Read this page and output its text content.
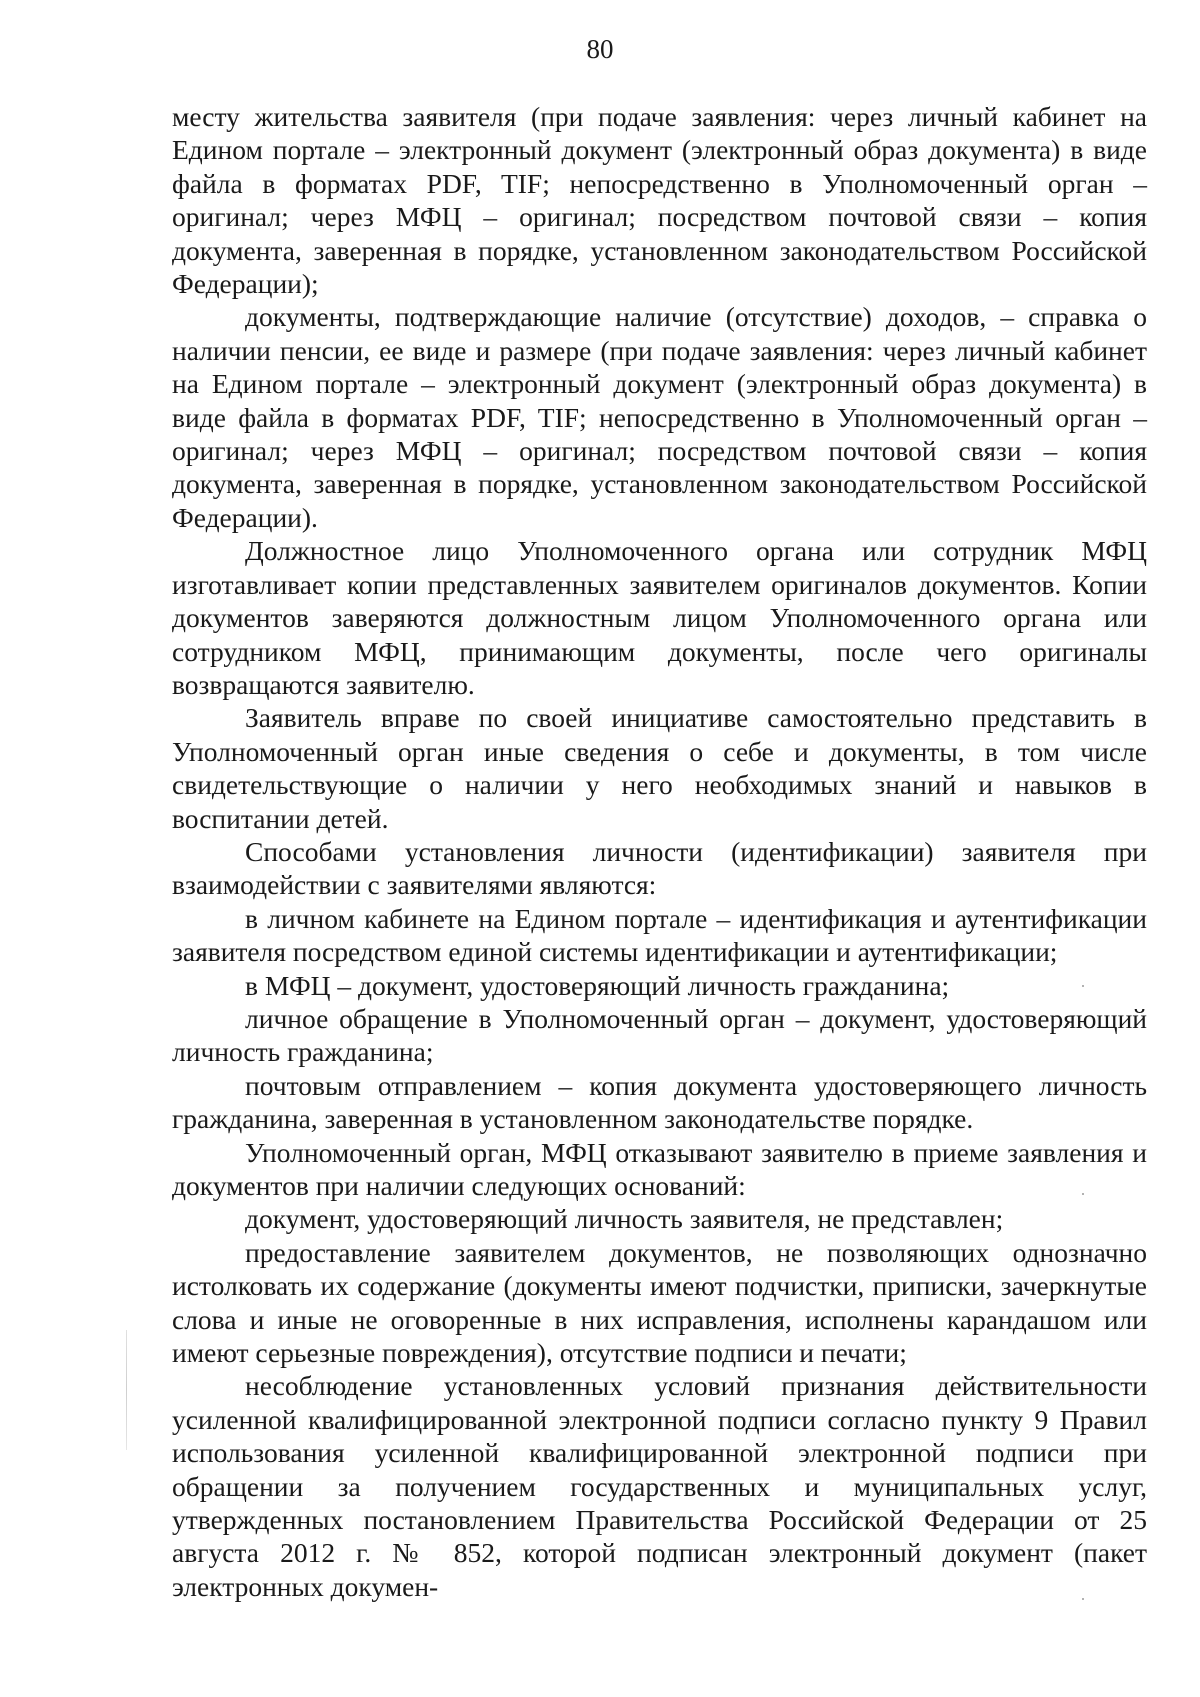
80

месту жительства заявителя (при подаче заявления: через личный кабинет на Едином портале – электронный документ (электронный образ документа) в виде файла в форматах PDF, TIF; непосредственно в Уполномоченный орган – оригинал; через МФЦ – оригинал; посредством почтовой связи – копия документа, заверенная в порядке, установленном законодательством Российской Федерации);

документы, подтверждающие наличие (отсутствие) доходов, – справка о наличии пенсии, ее виде и размере (при подаче заявления: через личный кабинет на Едином портале – электронный документ (электронный образ документа) в виде файла в форматах PDF, TIF; непосредственно в Уполномоченный орган – оригинал; через МФЦ – оригинал; посредством почтовой связи – копия документа, заверенная в порядке, установленном законодательством Российской Федерации).

Должностное лицо Уполномоченного органа или сотрудник МФЦ изготавливает копии представленных заявителем оригиналов документов. Копии документов заверяются должностным лицом Уполномоченного органа или сотрудником МФЦ, принимающим документы, после чего оригиналы возвращаются заявителю.

Заявитель вправе по своей инициативе самостоятельно представить в Уполномоченный орган иные сведения о себе и документы, в том числе свидетельствующие о наличии у него необходимых знаний и навыков в воспитании детей.

Способами установления личности (идентификации) заявителя при взаимодействии с заявителями являются:

в личном кабинете на Едином портале – идентификация и аутентификации заявителя посредством единой системы идентификации и аутентификации;

в МФЦ – документ, удостоверяющий личность гражданина;

личное обращение в Уполномоченный орган – документ, удостоверяющий личность гражданина;

почтовым отправлением – копия документа удостоверяющего личность гражданина, заверенная в установленном законодательстве порядке.

Уполномоченный орган, МФЦ отказывают заявителю в приеме заявления и документов при наличии следующих оснований:

документ, удостоверяющий личность заявителя, не представлен;

предоставление заявителем документов, не позволяющих однозначно истолковать их содержание (документы имеют подчистки, приписки, зачеркнутые слова и иные не оговоренные в них исправления, исполнены карандашом или имеют серьезные повреждения), отсутствие подписи и печати;

несоблюдение установленных условий признания действительности усиленной квалифицированной электронной подписи согласно пункту 9 Правил использования усиленной квалифицированной электронной подписи при обращении за получением государственных и муниципальных услуг, утвержденных постановлением Правительства Российской Федерации от 25 августа 2012 г. № 852, которой подписан электронный документ (пакет электронных докумен-
